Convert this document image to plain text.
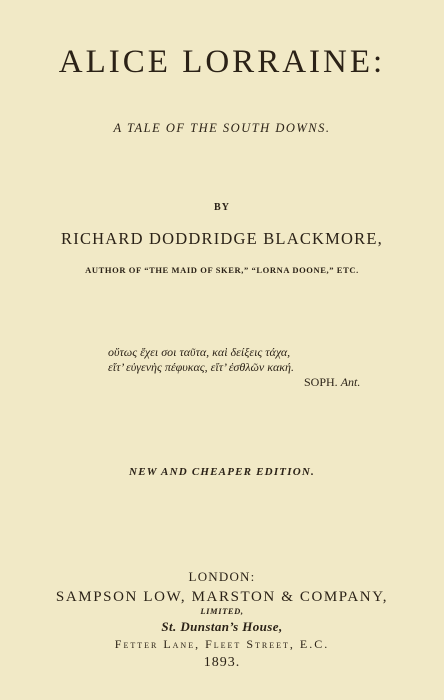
ALICE LORRAINE:
A TALE OF THE SOUTH DOWNS.
BY
RICHARD DODDRIDGE BLACKMORE,
AUTHOR OF “THE MAID OF SKER,” “LORNA DOONE,” ETC.
οὕτως ἔχει σοι ταῦτα, καὶ δείξεις τάχα,
εἴτ’ εὐγενὴς πέφυκας, εἴτ’ ἐσθλῶν κακή.
SOPH. Ant.
NEW AND CHEAPER EDITION.
LONDON:
SAMPSON LOW, MARSTON & COMPANY,
LIMITED,
St. Dunstan’s House,
Fetter Lane, Fleet Street, E.C.
1893.
